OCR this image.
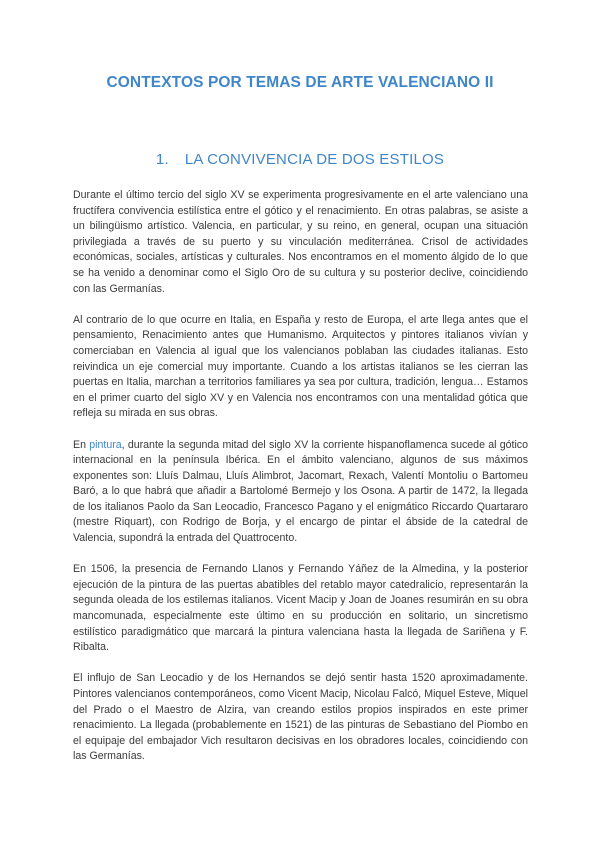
CONTEXTOS POR TEMAS DE ARTE VALENCIANO II
1. LA CONVIVENCIA DE DOS ESTILOS

Durante el último tercio del siglo XV se experimenta progresivamente en el arte valenciano una fructífera convivencia estilística entre el gótico y el renacimiento. En otras palabras, se asiste a un bilingüismo artístico. Valencia, en particular, y su reino, en general, ocupan una situación privilegiada a través de su puerto y su vinculación mediterránea. Crisol de actividades económicas, sociales, artísticas y culturales. Nos encontramos en el momento álgido de lo que se ha venido a denominar como el Siglo Oro de su cultura y su posterior declive, coincidiendo con las Germanías.

Al contrario de lo que ocurre en Italia, en España y resto de Europa, el arte llega antes que el pensamiento, Renacimiento antes que Humanismo. Arquitectos y pintores italianos vivían y comerciaban en Valencia al igual que los valencianos poblaban las ciudades italianas. Esto reivindica un eje comercial muy importante. Cuando a los artistas italianos se les cierran las puertas en Italia, marchan a territorios familiares ya sea por cultura, tradición, lengua… Estamos en el primer cuarto del siglo XV y en Valencia nos encontramos con una mentalidad gótica que refleja su mirada en sus obras.

En pintura, durante la segunda mitad del siglo XV la corriente hispanoflamenca sucede al gótico internacional en la península Ibérica. En el ámbito valenciano, algunos de sus máximos exponentes son: Lluís Dalmau, Lluís Alimbrot, Jacomart, Rexach, Valentí Montoliu o Bartomeu Baró, a lo que habrá que añadir a Bartolomé Bermejo y los Osona. A partir de 1472, la llegada de los italianos Paolo da San Leocadio, Francesco Pagano y el enigmático Riccardo Quartararo (mestre Riquart), con Rodrigo de Borja, y el encargo de pintar el ábside de la catedral de Valencia, supondrá la entrada del Quattrocento.

En 1506, la presencia de Fernando Llanos y Fernando Yáñez de la Almedina, y la posterior ejecución de la pintura de las puertas abatibles del retablo mayor catedralicio, representarán la segunda oleada de los estilemas italianos. Vicent Macip y Joan de Joanes resumirán en su obra mancomunada, especialmente este último en su producción en solitario, un sincretismo estilístico paradigmático que marcará la pintura valenciana hasta la llegada de Sariñena y F. Ribalta.

El influjo de San Leocadio y de los Hernandos se dejó sentir hasta 1520 aproximadamente. Pintores valencianos contemporáneos, como Vicent Macip, Nicolau Falcó, Miquel Esteve, Miquel del Prado o el Maestro de Alzira, van creando estilos propios inspirados en este primer renacimiento. La llegada (probablemente en 1521) de las pinturas de Sebastiano del Piombo en el equipaje del embajador Vich resultaron decisivas en los obradores locales, coincidiendo con las Germanías.
